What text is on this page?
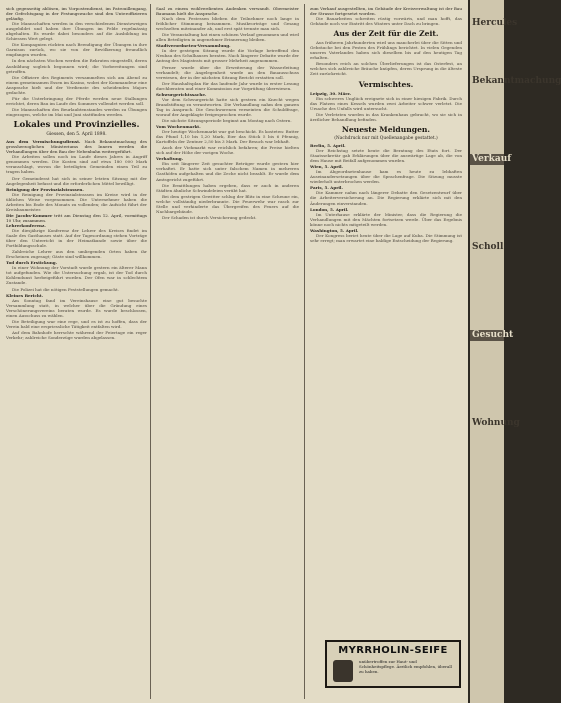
sich gegenseitig ablösen, im Vorpostendienst, im Patrouillengang, der Gefechtsgang in der Festungswache sind den Unteroffizieren geläufig.

Die Mannschaften werden in den verschiedenen Dienstzweigen ausgebildet und haben ihre Übungen im Felde regelmässig abgehalten. Es wurde dabei besonders auf die Ausbildung im Schiessen Wert gelegt.

Die Kompagnien rückten nach Beendigung der Übungen in ihre Garnison zurück, wo sie von der Bevölkerung freundlich empfangen wurden.

In den nächsten Wochen werden die Rekruten eingestellt, deren Ausbildung sogleich begonnen wird; die Vorbereitungen sind getroffen.

Die Offiziere des Regiments versammelten sich am Abend zu einem gemeinsamen Essen im Kasino, wobei der Kommandeur eine Ansprache hielt und der Verdienste des scheidenden Majors gedachte.

Für die Unterbringung der Pferde werden neue Stallungen errichtet, deren Bau im Laufe des Sommers vollendet werden soll.

Die Mannschaften des Beurlaubtenstandes werden zu Übungen eingezogen, welche im Mai und Juni stattfinden werden.

Lokales und Provinzielles.
Giessen, den 5. April 1898.
Aus dem Vermischungsdienst. Nach Bekanntmachung des grossherzoglichen Ministeriums des Innern werden die Verhandlungen über den Bau der Nebenbahn weitergeführt.

Die Arbeiten sollen noch im Laufe dieses Jahres in Angriff genommen werden. Die Kosten sind auf etwa 180 000 Mark veranschlagt, wovon die beteiligten Gemeinden einen Teil zu tragen haben.

Der Gemeinderat hat sich in seiner letzten Sitzung mit der Angelegenheit befasst und die erforderlichen Mittel bewilligt.

Reinigung der Provinzialstrassen.

Die Reinigung der Provinzialstrassen im Kreise wird in der üblichen Weise vorgenommen. Die Unternehmer haben die Arbeiten bis Ende des Monats zu vollenden; die Aufsicht führt der Kreisbaumeister.

Die Jacobs-Kommer tritt am Dienstag den 12. April, vormittags 10 Uhr, zusammen.
Lehrerkonferenz.

Die diesjährige Konferenz der Lehrer des Kreises findet im Saale des Gasthauses statt. Auf der Tagesordnung stehen Vorträge über den Unterricht in der Heimatkunde sowie über die Fortbildungsschule.

Zahlreiche Lehrer aus den umliegenden Orten haben ihr Erscheinen zugesagt; Gäste sind willkommen.

Tod durch Erstickung.

In einer Wohnung der Vorstadt wurde gestern ein älterer Mann tot aufgefunden. Wie die Untersuchung ergab, ist der Tod durch Kohlendunst herbeigeführt worden. Der Ofen war in schlechtem Zustande.

Die Polizei hat die nötigen Feststellungen gemacht.

Kleines Bericht.

Am Sonntag fand im Vereinshause eine gut besuchte Versammlung statt, in welcher über die Gründung eines Verschönerungsvereins beraten wurde. Es wurde beschlossen, einen Ausschuss zu wählen.

Die Beteiligung war eine rege, und es ist zu hoffen, dass der Verein bald eine erspriessliche Tätigkeit entfalten wird.

Auf dem Bahnhofe herrschte während der Feiertage ein reger Verkehr; zahlreiche Sonderzüge wurden abgelassen.

Saal zu einem wohlverdienten Andenken verwandt. Obermeister Baumann hielt die Ansprache.

Nach dem Festessen blieben die Teilnehmer noch lange in fröhlicher Stimmung beisammen. Musikvorträge und Gesang wechselten miteinander ab, und erst spät trennte man sich.

Die Veranstaltung hat einen schönen Verlauf genommen und wird allen Beteiligten in angenehmer Erinnerung bleiben.

Stadtverordneten-Versammlung.

In der gestrigen Sitzung wurde die Vorlage betreffend den Neubau des Schulhauses beraten. Nach längerer Debatte wurde der Antrag des Magistrats mit grosser Mehrheit angenommen.

Ferner wurde über die Erweiterung der Wasserleitung verhandelt; die Angelegenheit wurde an den Bauausschuss verwiesen, der in der nächsten Sitzung Bericht erstatten soll.

Der Haushaltsplan für das laufende Jahr wurde in erster Lesung durchberaten und einer Kommission zur Vorprüfung überwiesen.

Schwurgerichtssache.

Vor dem Schwurgericht hatte sich gestern ein Knecht wegen Brandstiftung zu verantworten. Die Verhandlung nahm den ganzen Tag in Anspruch. Die Geschworenen verneinten die Schuldfrage, worauf der Angeklagte freigesprochen wurde.

Die nächste Sitzungsperiode beginnt am Montag nach Ostern.

Vom Wochenmarkt.

Der heutige Wochenmarkt war gut beschickt. Es kosteten: Butter das Pfund 1,10 bis 1,20 Mark, Eier das Stück 5 bis 6 Pfennig, Kartoffeln der Zentner 2,50 bis 3 Mark. Der Besuch war lebhaft.

Auch der Viehmarkt war reichlich befahren; die Preise hielten sich auf der Höhe der vorigen Woche.

Verhaftung.

Ein seit längerer Zeit gesuchter Betrüger wurde gestern hier verhaftet. Er hatte sich unter falschem Namen in mehreren Gasthöfen aufgehalten und die Zeche nicht bezahlt. Er wurde dem Amtsgericht zugeführt.

Die Ermittlungen haben ergeben, dass er auch in anderen Städten ähnliche Schwindeleien verübt hat.

Bei dem gestrigen Gewitter schlug der Blitz in eine Scheune ein, welche vollständig niederbrannte. Die Feuerwehr war rasch zur Stelle und verhinderte das Übergreifen des Feuers auf die Nachbargebäude.

Der Schaden ist durch Versicherung gedeckt.

zum Verkauf ausgestellten, im Gebäude der Kreisverwaltung ist der Bau der Strasse fortgesetzt worden.

Die Bauarbeiten schreiten rüstig vorwärts, und man hofft, das Gebäude noch vor Eintritt des Winters unter Dach zu bringen.

Aus der Zeit für die Zeit.

Aus früheren Jahrhunderten wird uns mancherlei über die Sitten und Gebräuche bei den Festen des Frühlings berichtet. In vielen Gegenden unseres Vaterlandes haben sich dieselben bis auf den heutigen Tag erhalten.

Besonders reich an solchen Überlieferungen ist das Osterfest, an welches sich zahlreiche Bräuche knüpfen, deren Ursprung in die älteste Zeit zurückreicht.

Vermischtes.
Leipzig, 30. März.

Ein schweres Unglück ereignete sich in einer hiesigen Fabrik. Durch das Platzen eines Kessels wurden zwei Arbeiter schwer verletzt. Die Ursache des Unfalls wird untersucht.

Die Verletzten wurden in das Krankenhaus gebracht, wo sie sich in ärztlicher Behandlung befinden.

Neueste Meldungen.
(Nachdruck nur mit Quellenangabe gestattet.)
Berlin, 5. April.

Der Reichstag setzte heute die Beratung des Etats fort. Der Staatssekretär gab Erklärungen über die auswärtige Lage ab, die von dem Hause mit Beifall aufgenommen wurden.

Wien, 5. April.

Im Abgeordnetenhause kam es heute zu lebhaften Auseinandersetzungen über die Sprachenfrage. Die Sitzung musste wiederholt unterbrochen werden.

Paris, 5. April.

Die Kammer nahm nach längerer Debatte den Gesetzentwurf über die Arbeiterversicherung an. Die Regierung erklärte sich mit den Änderungen einverstanden.

London, 5. April.

Im Unterhause erklärte der Minister, dass die Regierung die Verhandlungen mit den Mächten fortsetzen werde. Über das Ergebnis könne noch nichts mitgeteilt werden.

Washington, 5. April.

Der Kongress beriet heute über die Lage auf Kuba. Die Stimmung ist sehr erregt; man erwartet eine baldige Entscheidung der Regierung.

MYRRHOLIN-SEIFE
unübertroffen zur Haut- und Schönheitspflege. Ärztlich empfohlen, überall zu haben.
Hercules
Bekanntmachung
Verkauf
Scholl
Gesucht
Wohnung
